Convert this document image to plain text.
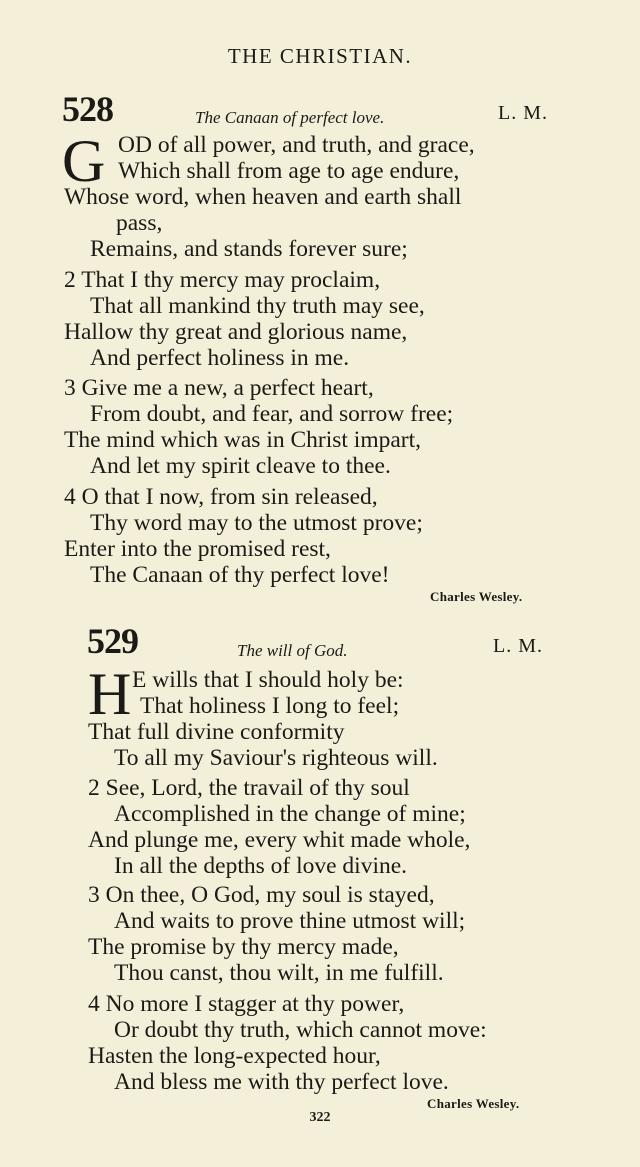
THE CHRISTIAN.
528	The Canaan of perfect love.	L. M.
G OD of all power, and truth, and grace,
Which shall from age to age endure,
Whose word, when heaven and earth shall
pass,
Remains, and stands forever sure;
2 That I thy mercy may proclaim,
That all mankind thy truth may see,
Hallow thy great and glorious name,
And perfect holiness in me.
3 Give me a new, a perfect heart,
From doubt, and fear, and sorrow free;
The mind which was in Christ impart,
And let my spirit cleave to thee.
4 O that I now, from sin released,
Thy word may to the utmost prove;
Enter into the promised rest,
The Canaan of thy perfect love!
Charles Wesley.
529	The will of God.	L. M.
H E wills that I should holy be:
That holiness I long to feel;
That full divine conformity
To all my Saviour's righteous will.
2 See, Lord, the travail of thy soul
Accomplished in the change of mine;
And plunge me, every whit made whole,
In all the depths of love divine.
3 On thee, O God, my soul is stayed,
And waits to prove thine utmost will;
The promise by thy mercy made,
Thou canst, thou wilt, in me fulfill.
4 No more I stagger at thy power,
Or doubt thy truth, which cannot move:
Hasten the long-expected hour,
And bless me with thy perfect love.
Charles Wesley.
322
